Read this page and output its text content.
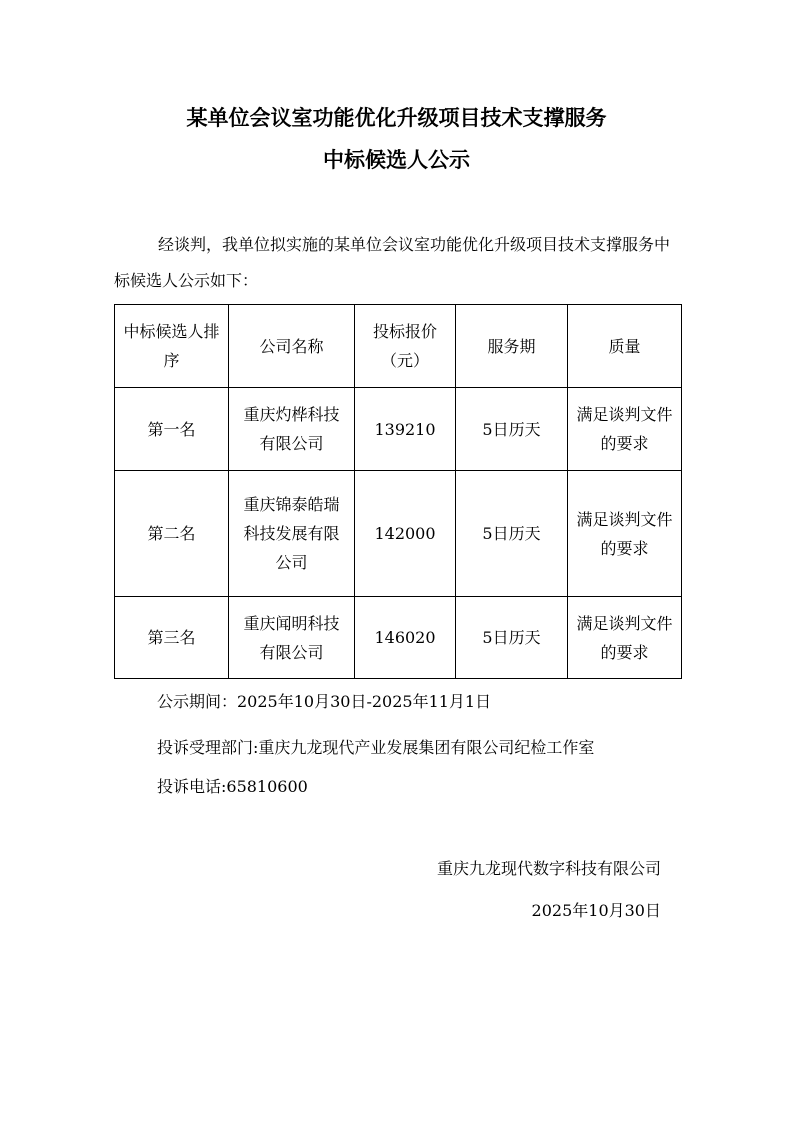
某单位会议室功能优化升级项目技术支撑服务
中标候选人公示

经谈判，我单位拟实施的某单位会议室功能优化升级项目技术支撑服务中标候选人公示如下：

中标候选人排序	公司名称	投标报价（元）	服务期	质量
第一名	重庆灼桦科技有限公司	139210	5日历天	满足谈判文件的要求
第二名	重庆锦泰皓瑞科技发展有限公司	142000	5日历天	满足谈判文件的要求
第三名	重庆闻明科技有限公司	146020	5日历天	满足谈判文件的要求

公示期间：2025年10月30日-2025年11月1日

投诉受理部门:重庆九龙现代产业发展集团有限公司纪检工作室

投诉电话:65810600

重庆九龙现代数字科技有限公司
2025年10月30日
